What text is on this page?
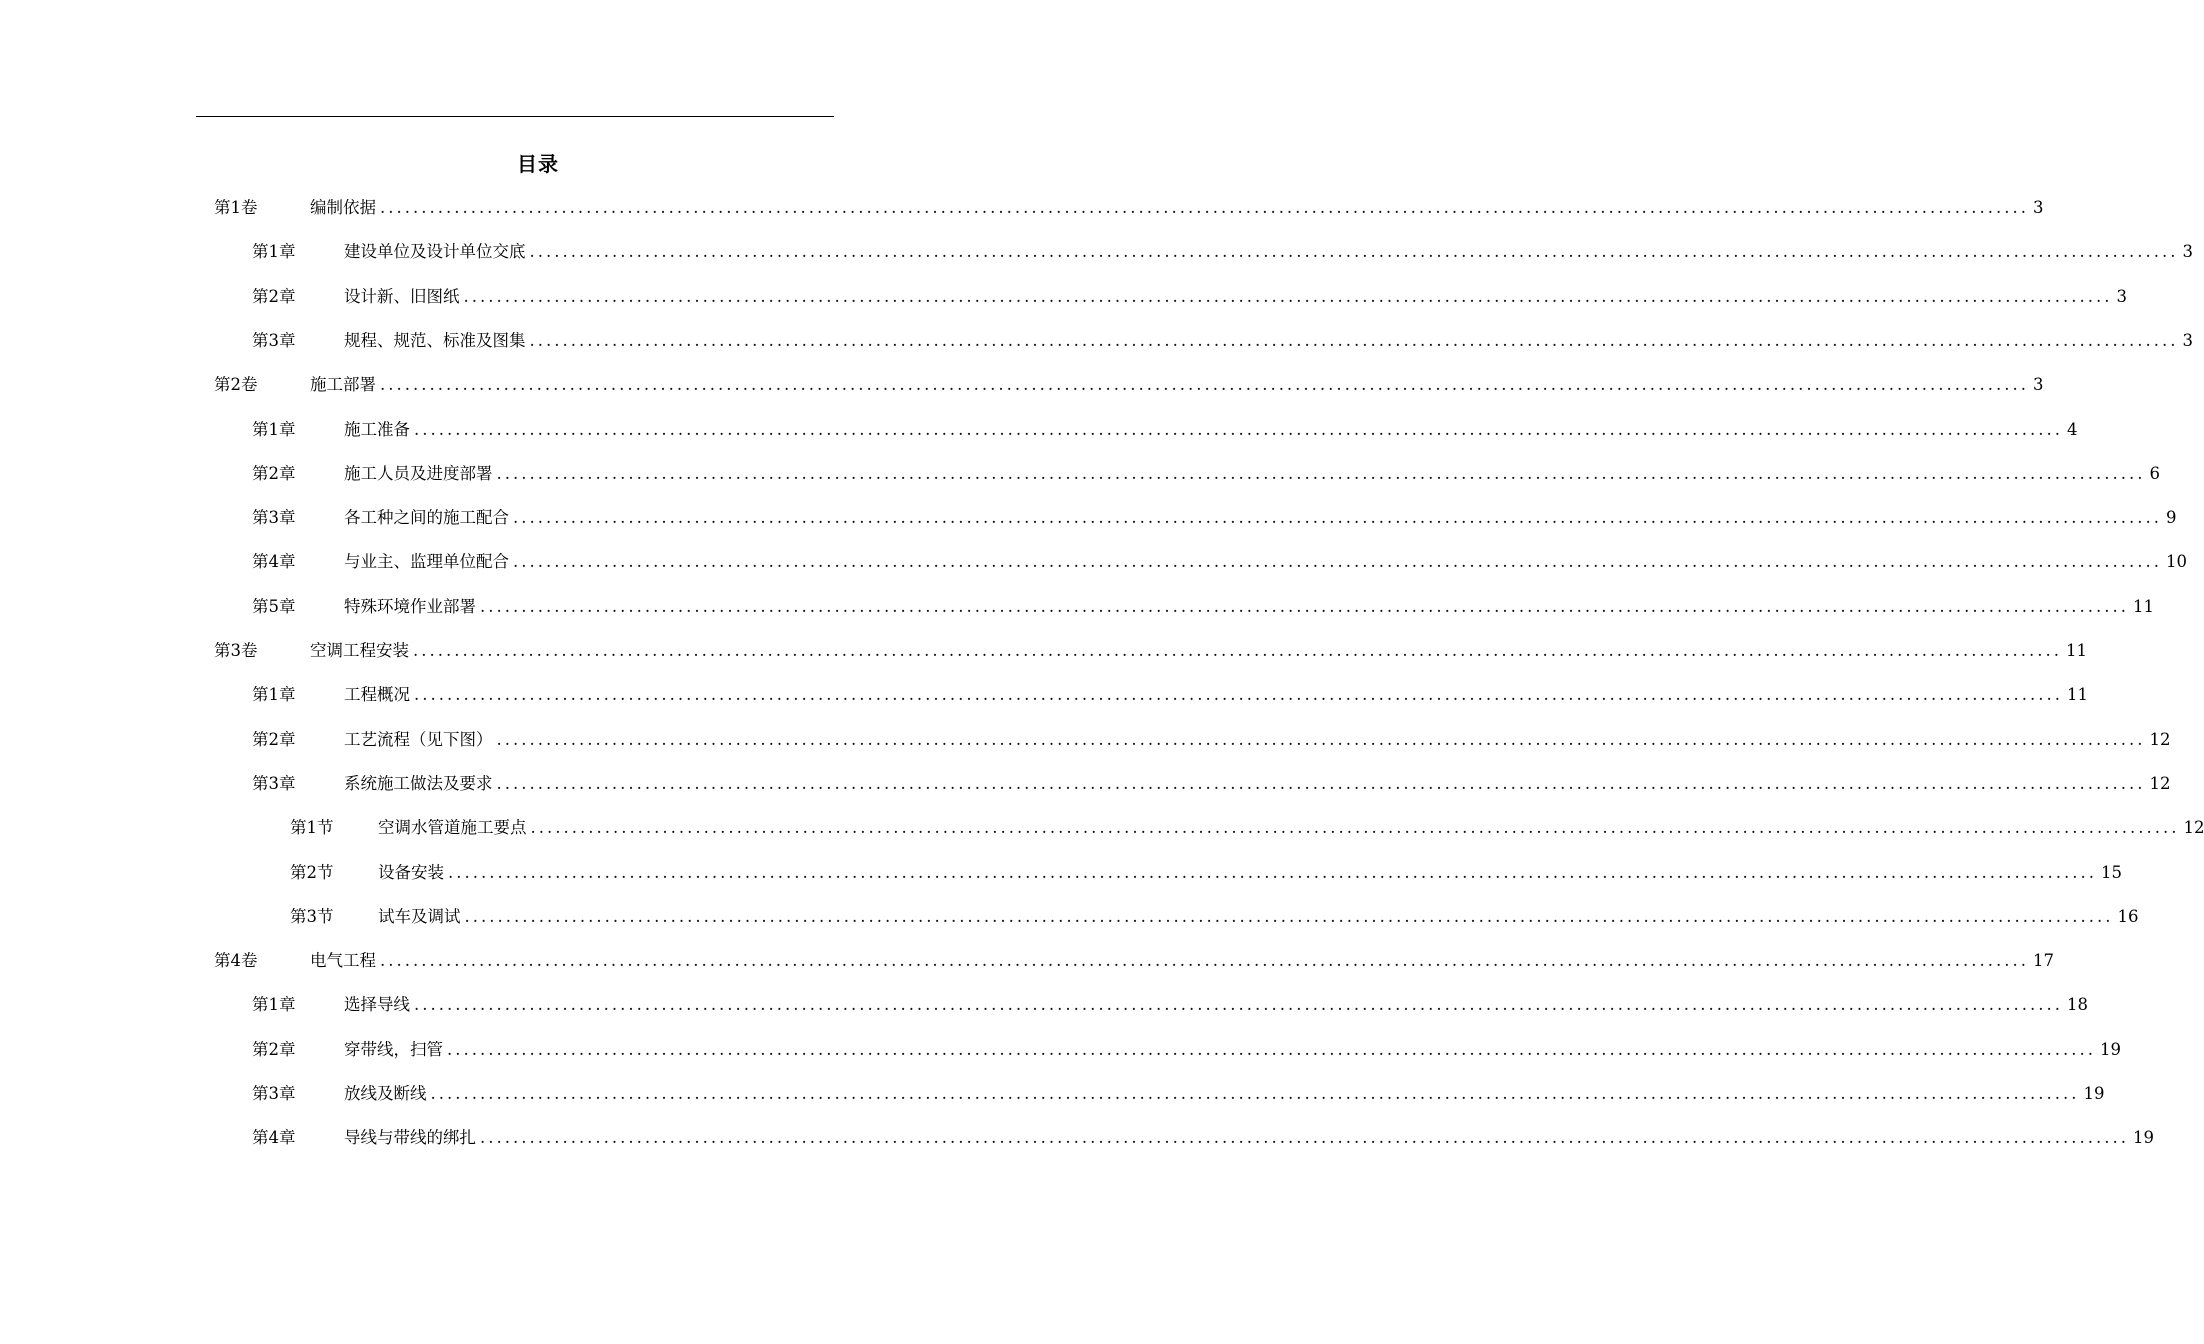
目录
第1卷	编制依据 ........................................................................................................................................................................................................ 3
第1章	建设单位及设计单位交底 ........................................................................................................................................................................................................ 3
第2章	设计新、旧图纸 ........................................................................................................................................................................................................ 3
第3章	规程、规范、标准及图集 ........................................................................................................................................................................................................ 3
第2卷	施工部署 ........................................................................................................................................................................................................ 3
第1章	施工准备 ........................................................................................................................................................................................................ 4
第2章	施工人员及进度部署 ........................................................................................................................................................................................................ 6
第3章	各工种之间的施工配合 ........................................................................................................................................................................................................ 9
第4章	与业主、监理单位配合 ........................................................................................................................................................................................................ 10
第5章	特殊环境作业部署 ........................................................................................................................................................................................................ 11
第3卷	空调工程安装 ........................................................................................................................................................................................................ 11
第1章	工程概况 ........................................................................................................................................................................................................ 11
第2章	工艺流程（见下图） ........................................................................................................................................................................................................ 12
第3章	系统施工做法及要求 ........................................................................................................................................................................................................ 12
第1节	空调水管道施工要点 ........................................................................................................................................................................................................ 12
第2节	设备安装 ........................................................................................................................................................................................................ 15
第3节	试车及调试 ........................................................................................................................................................................................................ 16
第4卷	电气工程 ........................................................................................................................................................................................................ 17
第1章	选择导线 ........................................................................................................................................................................................................ 18
第2章	穿带线，扫管 ........................................................................................................................................................................................................ 19
第3章	放线及断线 ........................................................................................................................................................................................................ 19
第4章	导线与带线的绑扎 ........................................................................................................................................................................................................ 19
